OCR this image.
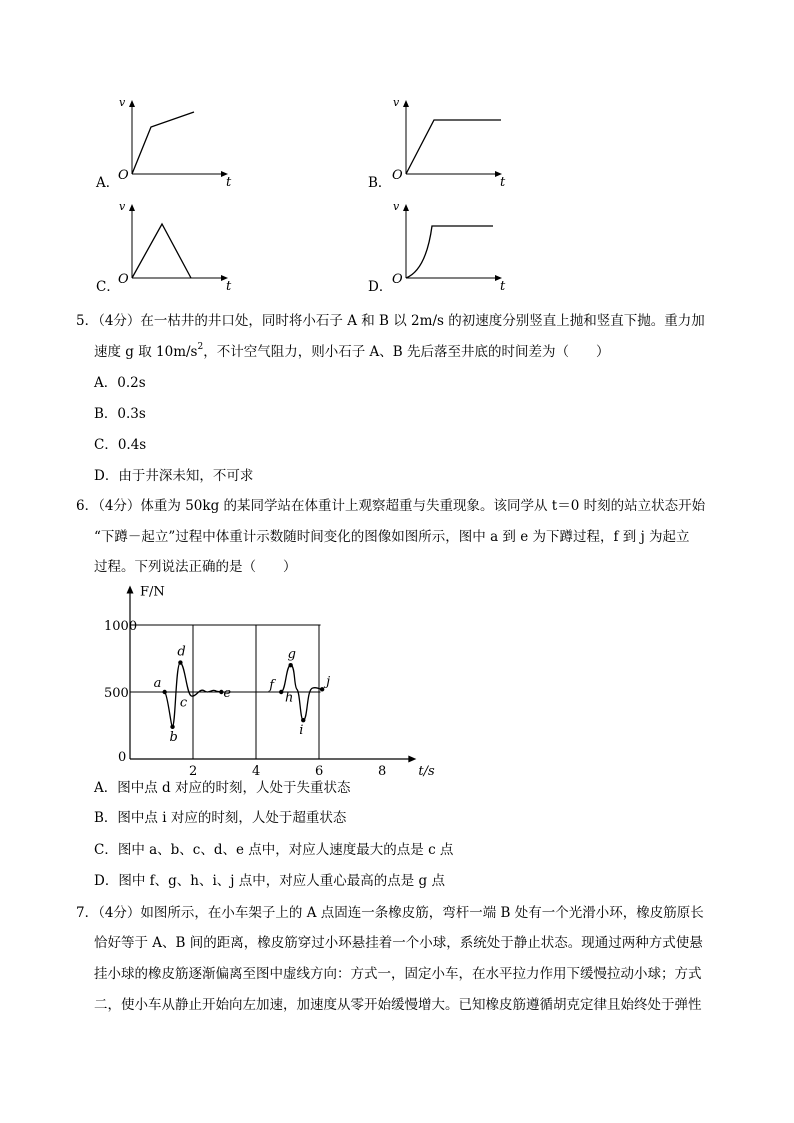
A．
v
O	t	B．
v
O	t
C．
v
O	t	D．
v
O	t
5．（4分）在一枯井的井口处，同时将小石子 A 和 B 以 2m/s 的初速度分别竖直上抛和竖直下抛。重力加
速度 g 取 $10m/s^2$，不计空气阻力，则小石子 A、B 先后落至井底的时间差为（　　）
A．0.2s
B．0.3s
C．0.4s
D．由于井深未知，不可求
6．（4分）体重为 50kg 的某同学站在体重计上观察超重与失重现象。该同学从 t＝0 时刻的站立状态开始
“下蹲－起立”过程中体重计示数随时间变化的图像如图所示，图中 a 到 e 为下蹲过程，f 到 j 为起立
过程。下列说法正确的是（　　）
1000
500
0
2	4	6	8
F/N
t/s
a
b
c
d
e
f
g
h
i
j
A．图中点 d 对应的时刻，人处于失重状态
B．图中点 i 对应的时刻，人处于超重状态
C．图中 a、b、c、d、e 点中，对应人速度最大的点是 c 点
D．图中 f、g、h、i、j 点中，对应人重心最高的点是 g 点
7．（4分）如图所示，在小车架子上的 A 点固连一条橡皮筋，弯杆一端 B 处有一个光滑小环，橡皮筋原长
恰好等于 A、B 间的距离，橡皮筋穿过小环悬挂着一个小球，系统处于静止状态。现通过两种方式使悬
挂小球的橡皮筋逐渐偏离至图中虚线方向：方式一，固定小车，在水平拉力作用下缓慢拉动小球；方式
二，使小车从静止开始向左加速，加速度从零开始缓慢增大。已知橡皮筋遵循胡克定律且始终处于弹性
